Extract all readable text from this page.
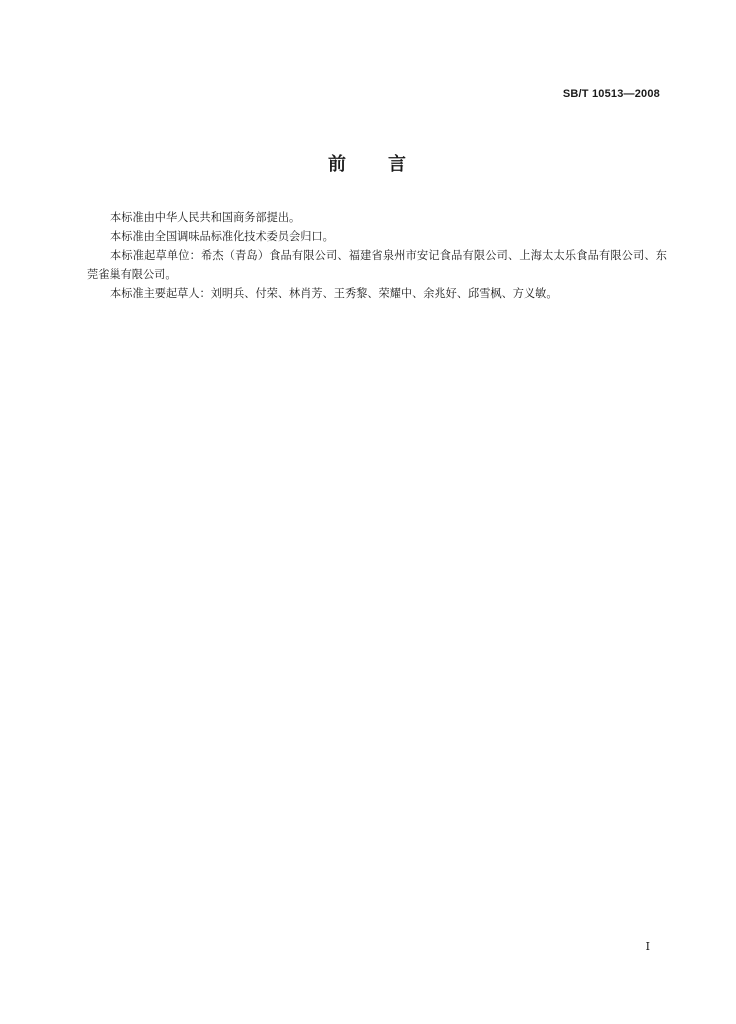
SB/T 10513—2008
前 言

本标准由中华人民共和国商务部提出。

本标准由全国调味品标准化技术委员会归口。

本标准起草单位：希杰（青岛）食品有限公司、福建省泉州市安记食品有限公司、上海太太乐食品有限公司、东莞雀巢有限公司。

本标准主要起草人：刘明兵、付荣、林肖芳、王秀黎、荣耀中、余兆好、邱雪枫、方义敏。

I
